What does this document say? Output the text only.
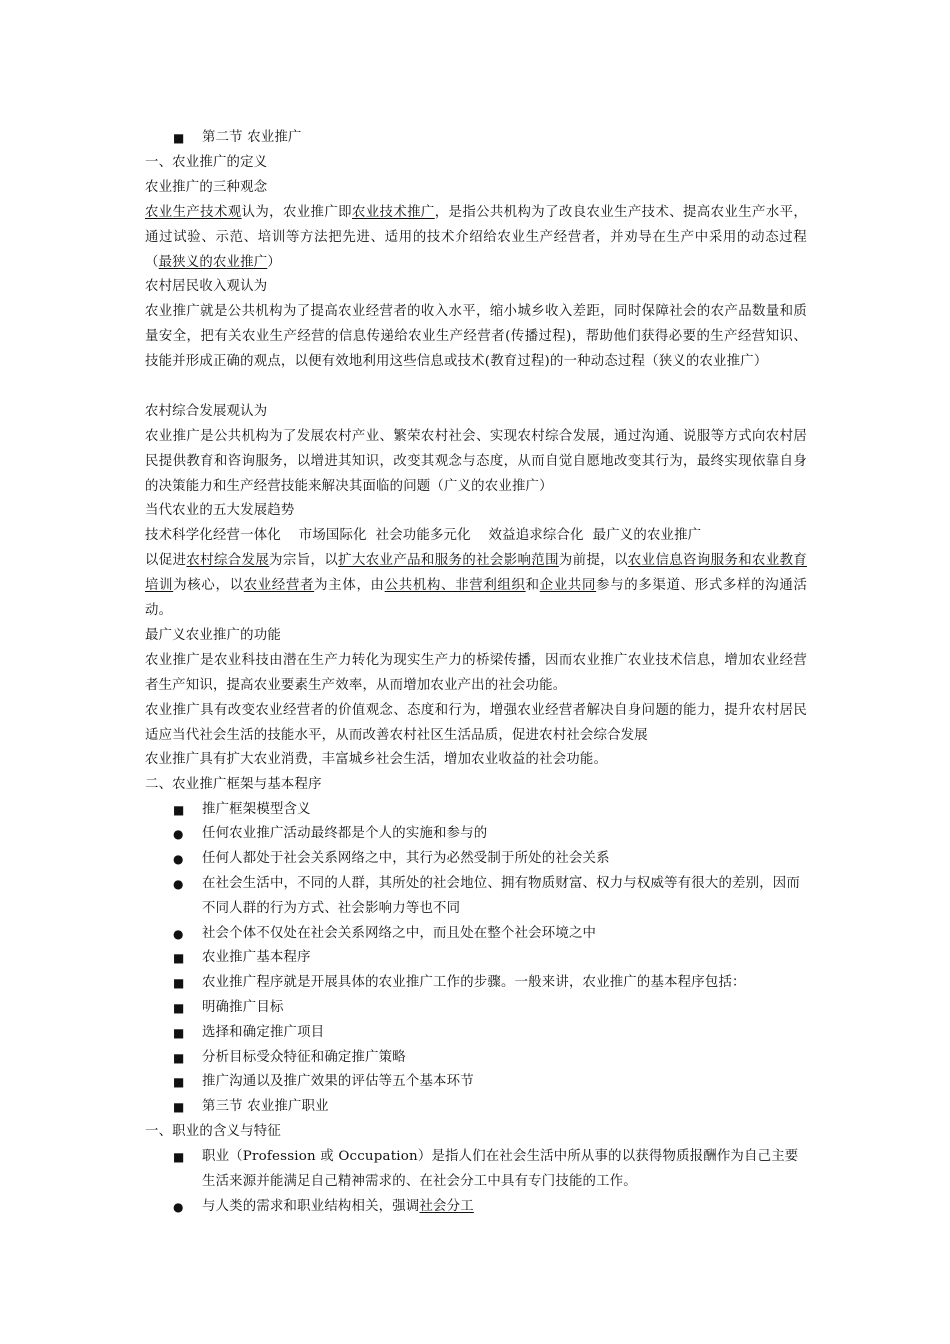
■ 第二节 农业推广
一、农业推广的定义
农业推广的三种观念
农业生产技术观认为，农业推广即农业技术推广，是指公共机构为了改良农业生产技术、提高农业生产水平，通过试验、示范、培训等方法把先进、适用的技术介绍给农业生产经营者，并劝导在生产中采用的动态过程（最狭义的农业推广）
农村居民收入观认为
农业推广就是公共机构为了提高农业经营者的收入水平，缩小城乡收入差距，同时保障社会的农产品数量和质量安全，把有关农业生产经营的信息传递给农业生产经营者(传播过程)，帮助他们获得必要的生产经营知识、技能并形成正确的观点，以便有效地利用这些信息或技术(教育过程)的一种动态过程（狭义的农业推广）
农村综合发展观认为
农业推广是公共机构为了发展农村产业、繁荣农村社会、实现农村综合发展，通过沟通、说服等方式向农村居民提供教育和咨询服务，以增进其知识，改变其观念与态度，从而自觉自愿地改变其行为，最终实现依靠自身的决策能力和生产经营技能来解决其面临的问题（广义的农业推广）
当代农业的五大发展趋势
技术科学化经营一体化    市场国际化  社会功能多元化    效益追求综合化  最广义的农业推广
以促进农村综合发展为宗旨，以扩大农业产品和服务的社会影响范围为前提，以农业信息咨询服务和农业教育培训为核心，以农业经营者为主体，由公共机构、非营利组织和企业共同参与的多渠道、形式多样的沟通活动。
最广义农业推广的功能
农业推广是农业科技由潜在生产力转化为现实生产力的桥梁传播，因而农业推广农业技术信息，增加农业经营者生产知识，提高农业要素生产效率，从而增加农业产出的社会功能。
农业推广具有改变农业经营者的价值观念、态度和行为，增强农业经营者解决自身问题的能力，提升农村居民适应当代社会生活的技能水平，从而改善农村社区生活品质，促进农村社会综合发展
农业推广具有扩大农业消费，丰富城乡社会生活，增加农业收益的社会功能。
二、农业推广框架与基本程序
■ 推广框架模型含义
● 任何农业推广活动最终都是个人的实施和参与的
● 任何人都处于社会关系网络之中，其行为必然受制于所处的社会关系
● 在社会生活中，不同的人群，其所处的社会地位、拥有物质财富、权力与权威等有很大的差别，因而不同人群的行为方式、社会影响力等也不同
● 社会个体不仅处在社会关系网络之中，而且处在整个社会环境之中
■ 农业推广基本程序
■ 农业推广程序就是开展具体的农业推广工作的步骤。一般来讲，农业推广的基本程序包括：
■ 明确推广目标
■ 选择和确定推广项目
■ 分析目标受众特征和确定推广策略
■ 推广沟通以及推广效果的评估等五个基本环节
■ 第三节 农业推广职业
一、职业的含义与特征
■ 职业（Profession 或 Occupation）是指人们在社会生活中所从事的以获得物质报酬作为自己主要生活来源并能满足自己精神需求的、在社会分工中具有专门技能的工作。
● 与人类的需求和职业结构相关，强调社会分工
